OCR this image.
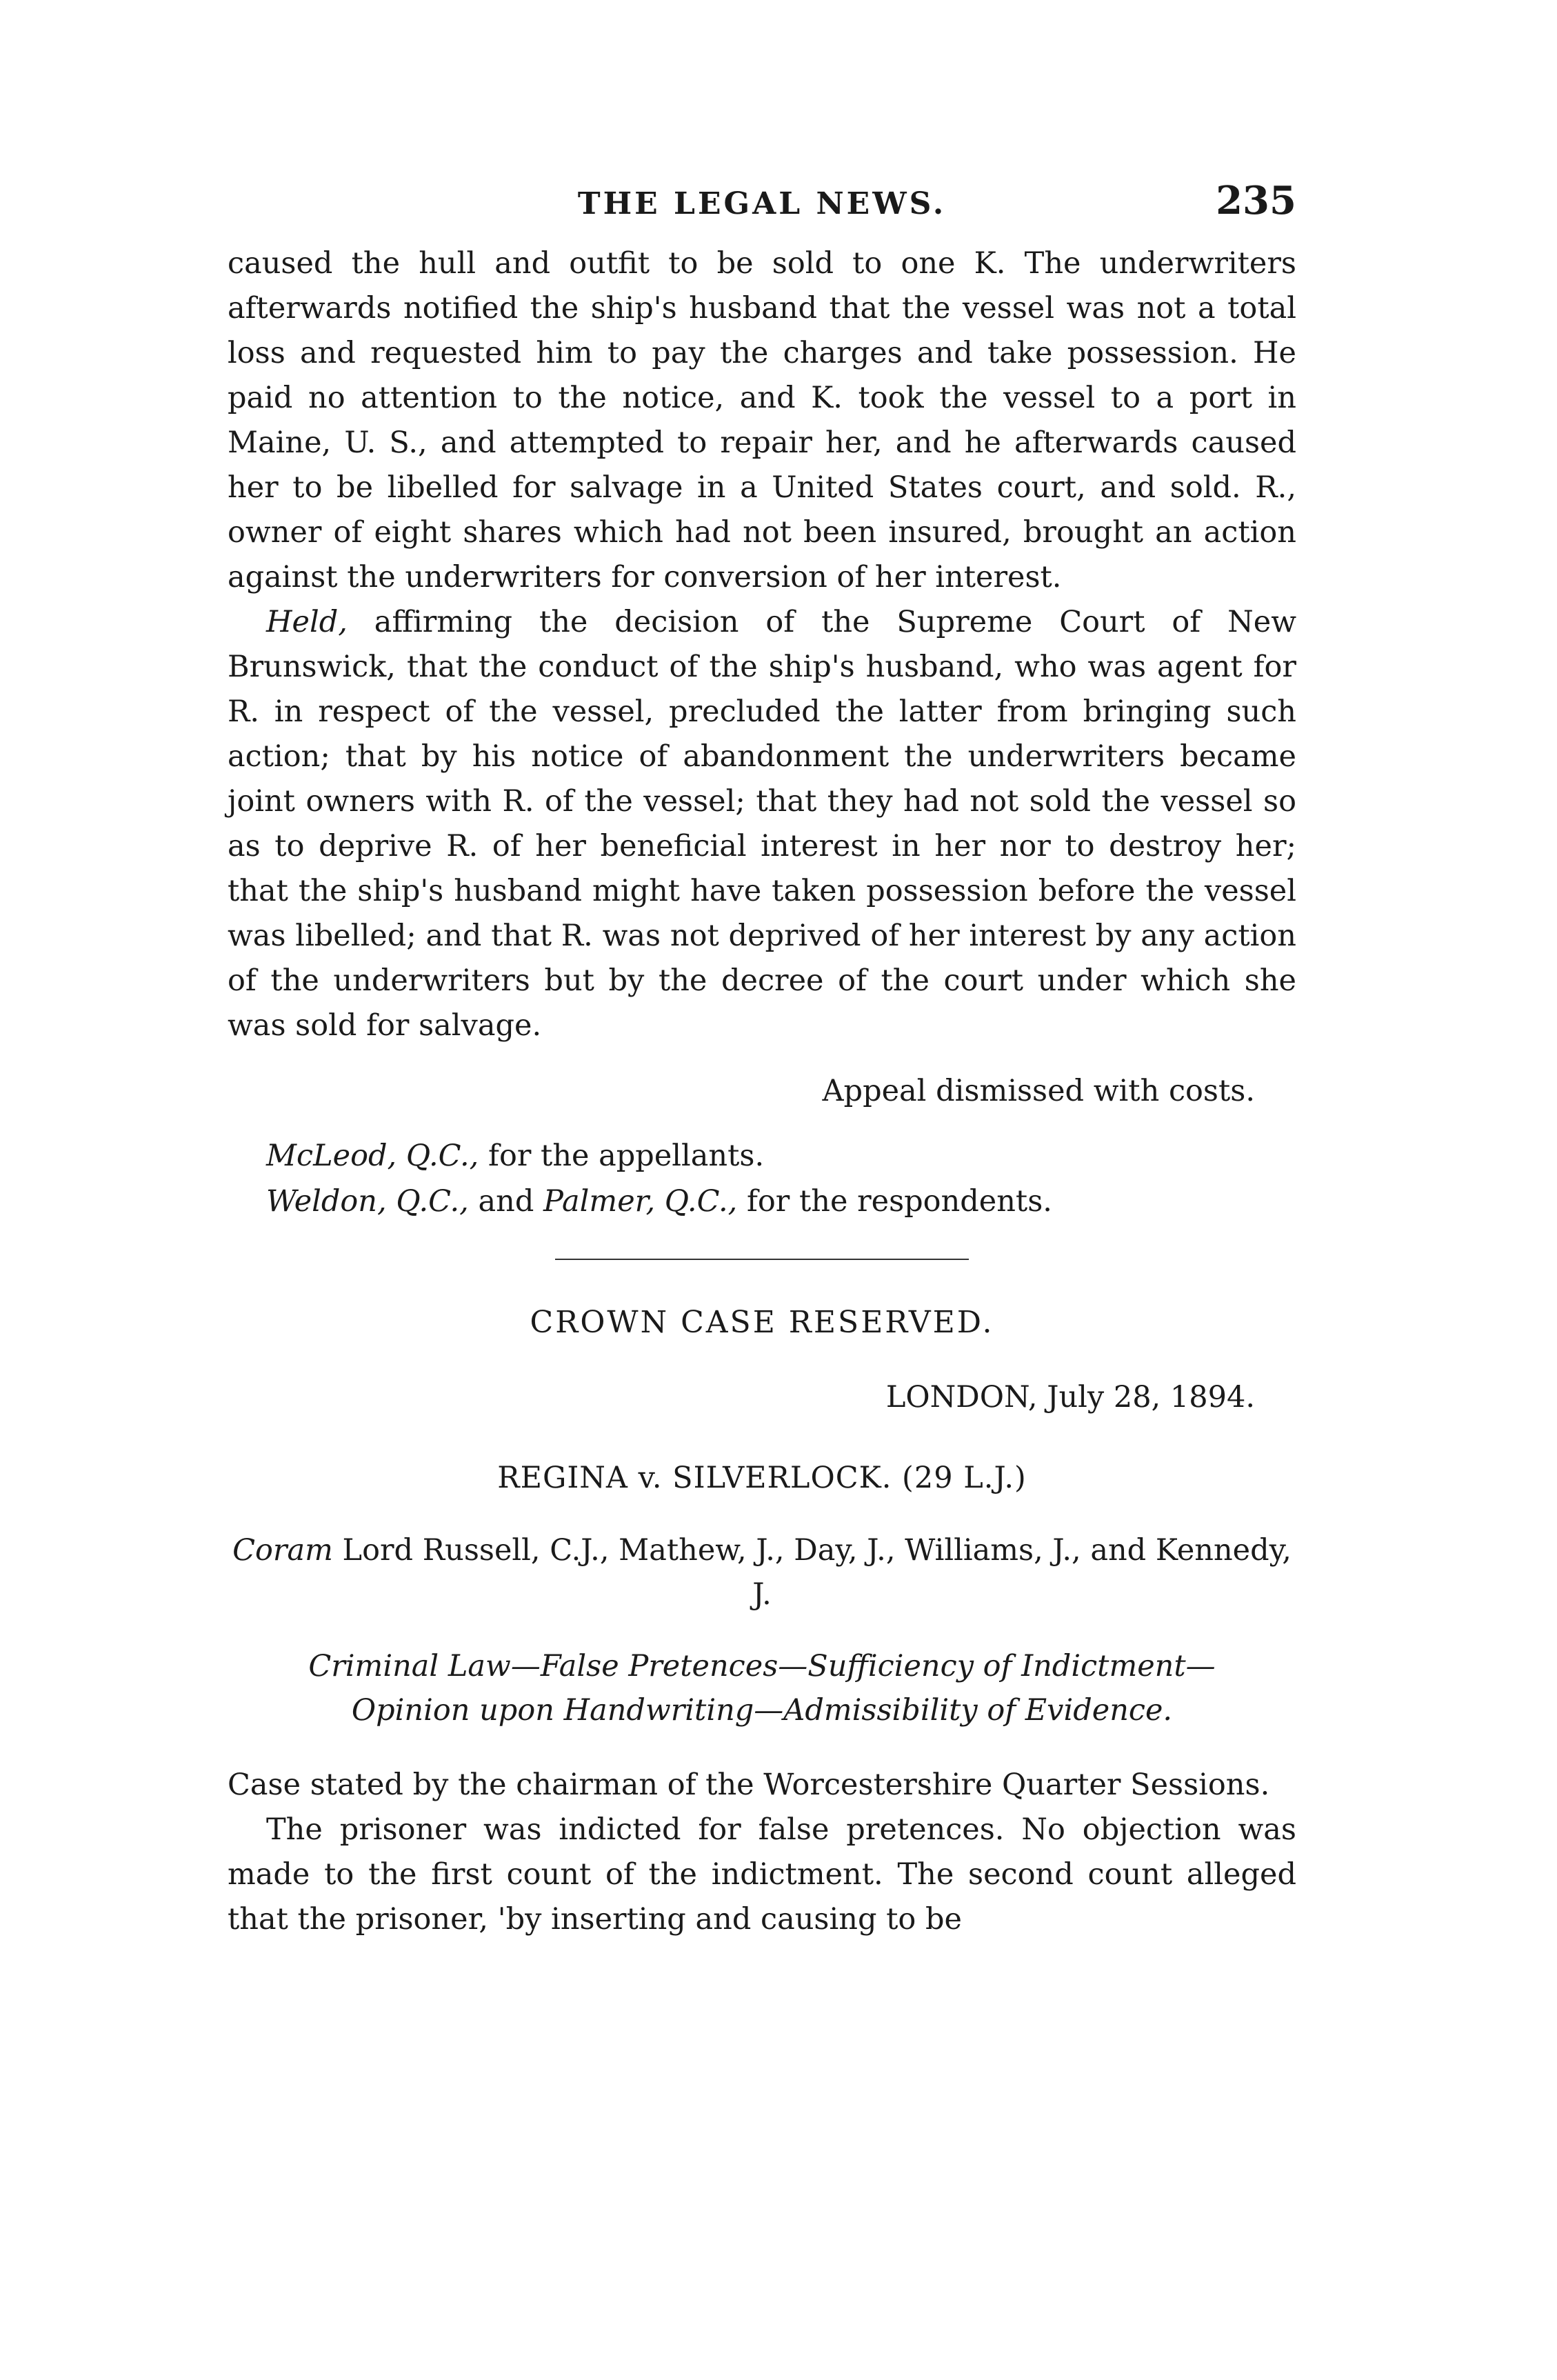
THE LEGAL NEWS.	235

caused the hull and outfit to be sold to one K. The underwriters afterwards notified the ship's husband that the vessel was not a total loss and requested him to pay the charges and take possession. He paid no attention to the notice, and K. took the vessel to a port in Maine, U. S., and attempted to repair her, and he afterwards caused her to be libelled for salvage in a United States court, and sold. R., owner of eight shares which had not been insured, brought an action against the underwriters for conversion of her interest.

Held, affirming the decision of the Supreme Court of New Brunswick, that the conduct of the ship's husband, who was agent for R. in respect of the vessel, precluded the latter from bringing such action; that by his notice of abandonment the underwriters became joint owners with R. of the vessel; that they had not sold the vessel so as to deprive R. of her beneficial interest in her nor to destroy her; that the ship's husband might have taken possession before the vessel was libelled; and that R. was not deprived of her interest by any action of the underwriters but by the decree of the court under which she was sold for salvage.

Appeal dismissed with costs.

McLeod, Q.C., for the appellants.
Weldon, Q.C., and Palmer, Q.C., for the respondents.

CROWN CASE RESERVED.

LONDON, July 28, 1894.

REGINA v. SILVERLOCK. (29 L.J.)

Coram Lord Russell, C.J., Mathew, J., Day, J., Williams, J., and Kennedy, J.

Criminal Law—False Pretences—Sufficiency of Indictment—
Opinion upon Handwriting—Admissibility of Evidence.

Case stated by the chairman of the Worcestershire Quarter Sessions.

The prisoner was indicted for false pretences. No objection was made to the first count of the indictment. The second count alleged that the prisoner, 'by inserting and causing to be
